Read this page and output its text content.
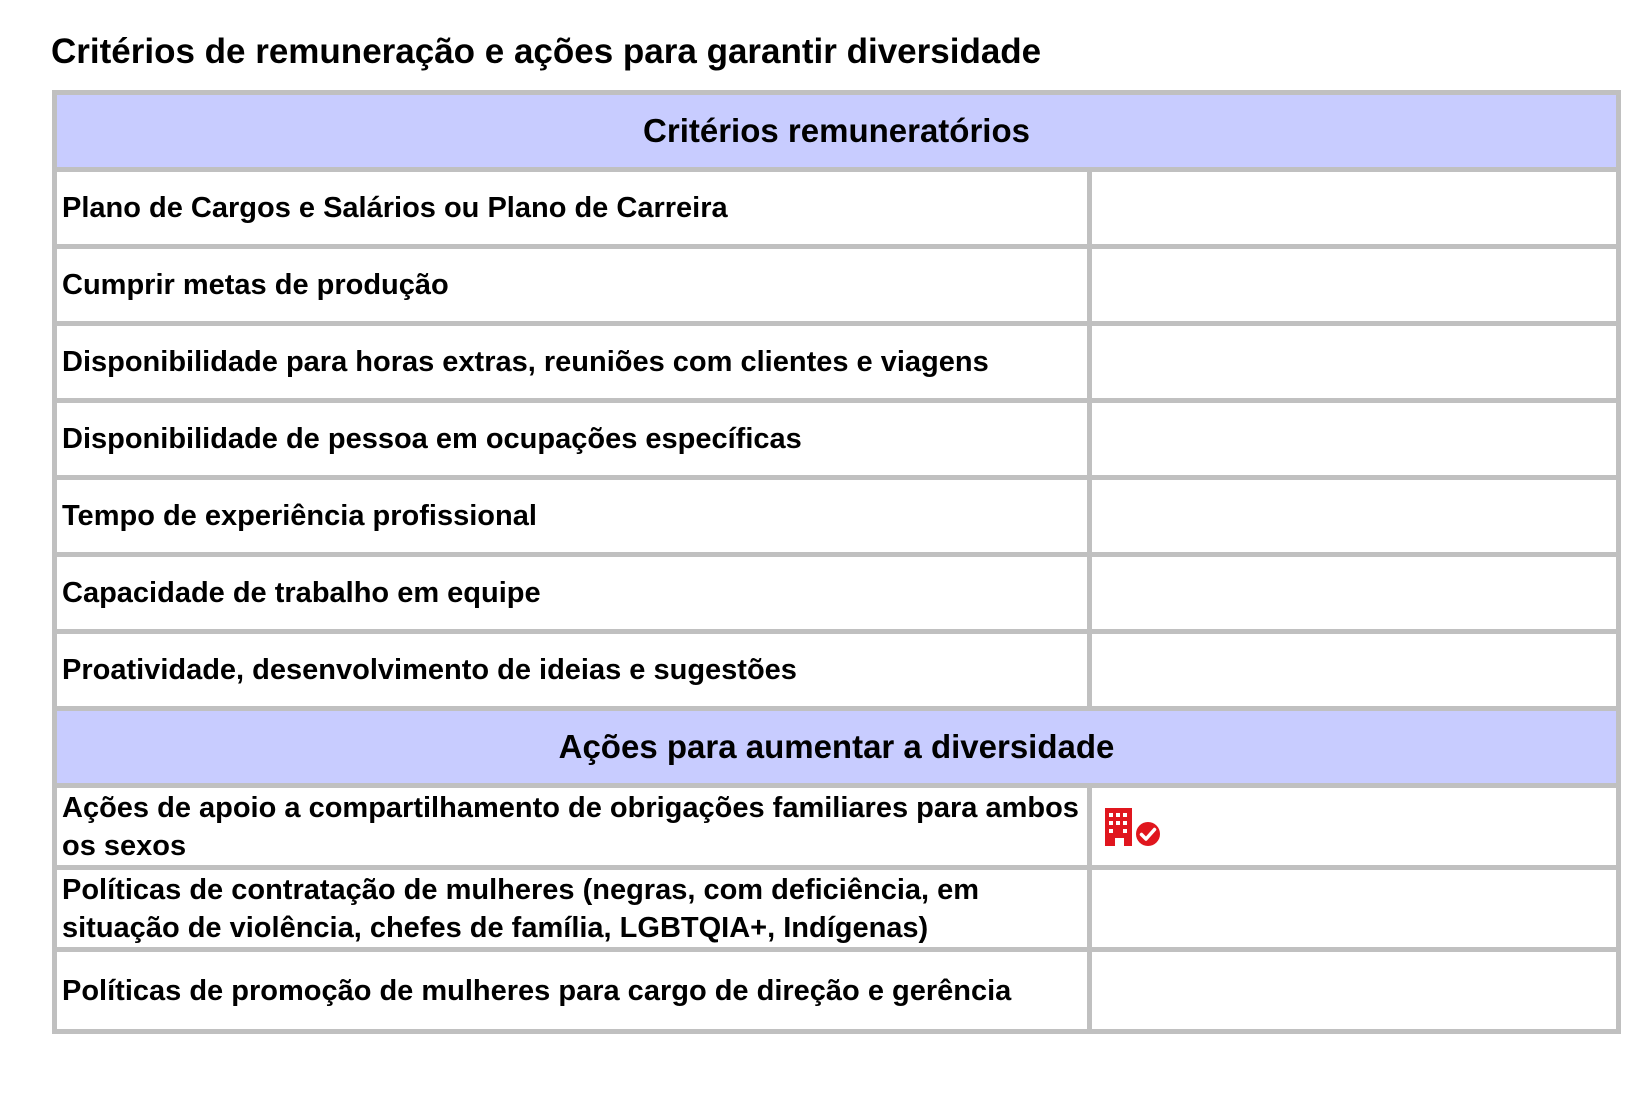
Critérios de remuneração e ações para garantir diversidade
Critérios remuneratórios	
Plano de Cargos e Salários ou Plano de Carreira	
Cumprir metas de produção	
Disponibilidade para horas extras, reuniões com clientes e viagens	
Disponibilidade de pessoa em ocupações específicas	
Tempo de experiência profissional	
Capacidade de trabalho em equipe	
Proatividade, desenvolvimento de ideias e sugestões	
Ações para aumentar a diversidade	
Ações de apoio a compartilhamento de obrigações familiares para ambos os sexos	

Políticas de contratação de mulheres (negras, com deficiência, em situação de violência, chefes de família, LGBTQIA+, Indígenas)	
Políticas de promoção de mulheres para cargo de direção e gerência	
